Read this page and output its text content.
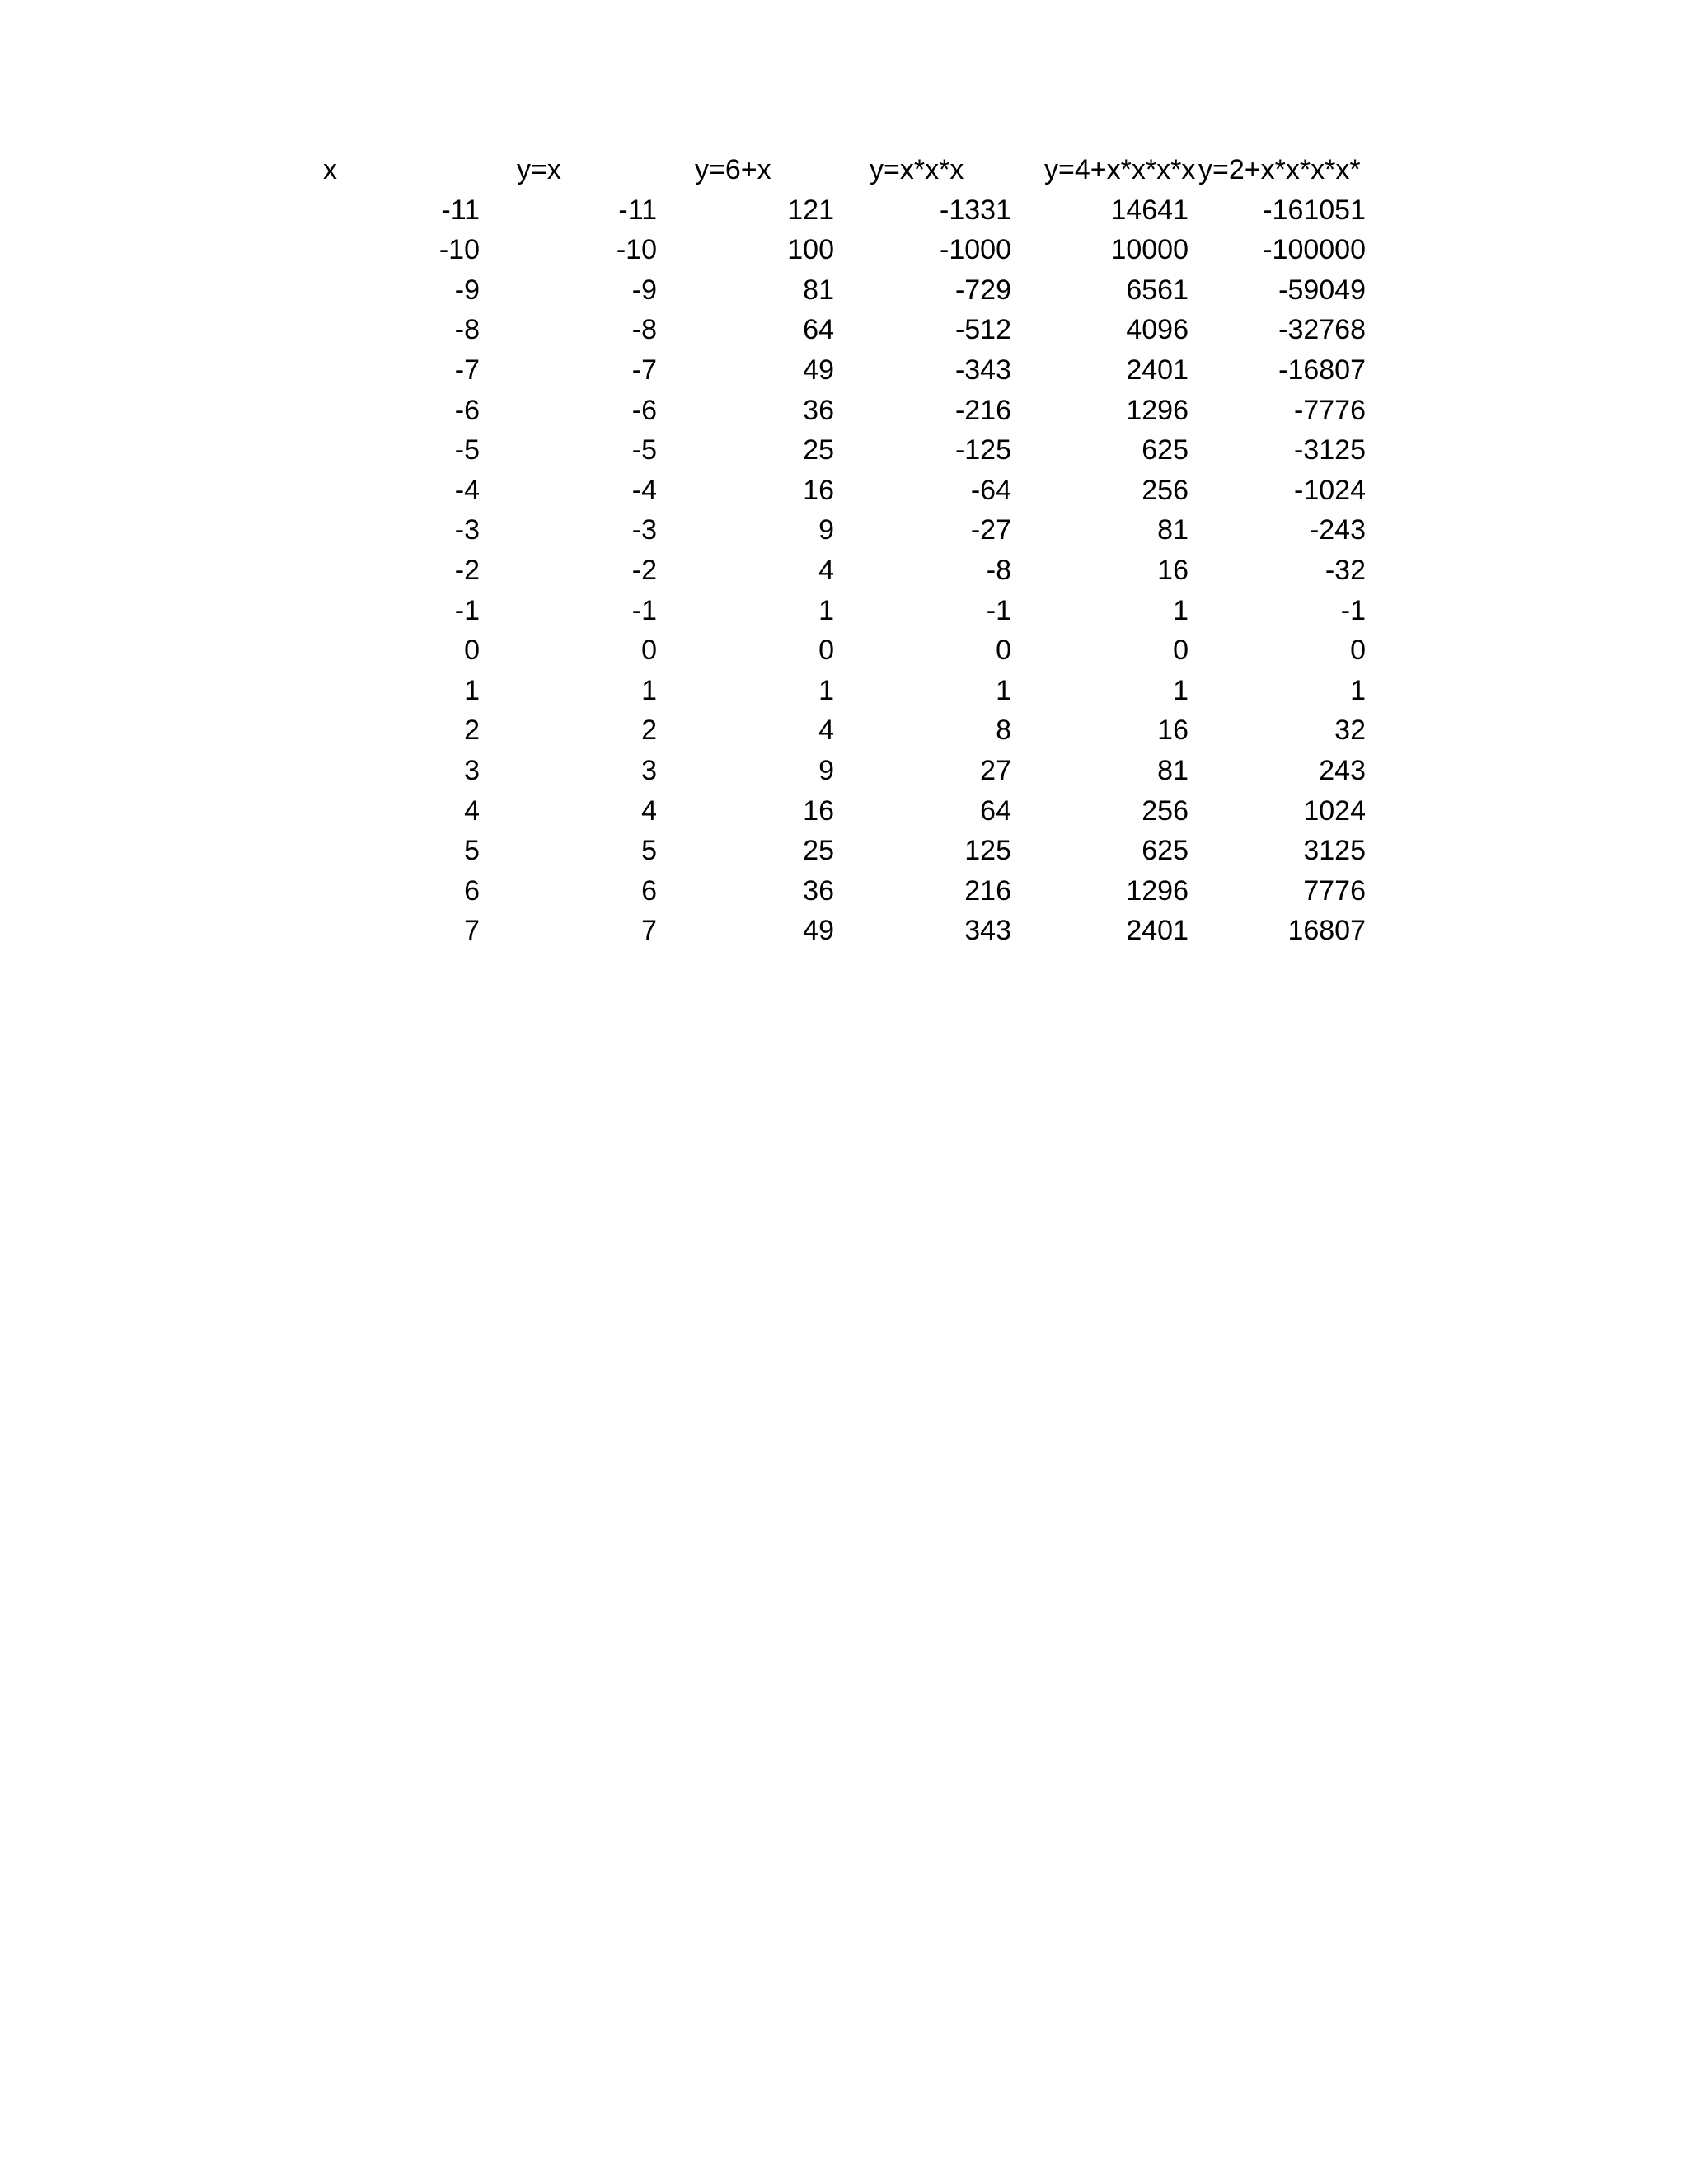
x	y=x	y=6+x	y=x*x*x	y=4+x*x*x*x	y=2+x*x*x*x*
-11	-11	121	-1331	14641	-161051
-10	-10	100	-1000	10000	-100000
-9	-9	81	-729	6561	-59049
-8	-8	64	-512	4096	-32768
-7	-7	49	-343	2401	-16807
-6	-6	36	-216	1296	-7776
-5	-5	25	-125	625	-3125
-4	-4	16	-64	256	-1024
-3	-3	9	-27	81	-243
-2	-2	4	-8	16	-32
-1	-1	1	-1	1	-1
0	0	0	0	0	0
1	1	1	1	1	1
2	2	4	8	16	32
3	3	9	27	81	243
4	4	16	64	256	1024
5	5	25	125	625	3125
6	6	36	216	1296	7776
7	7	49	343	2401	16807
